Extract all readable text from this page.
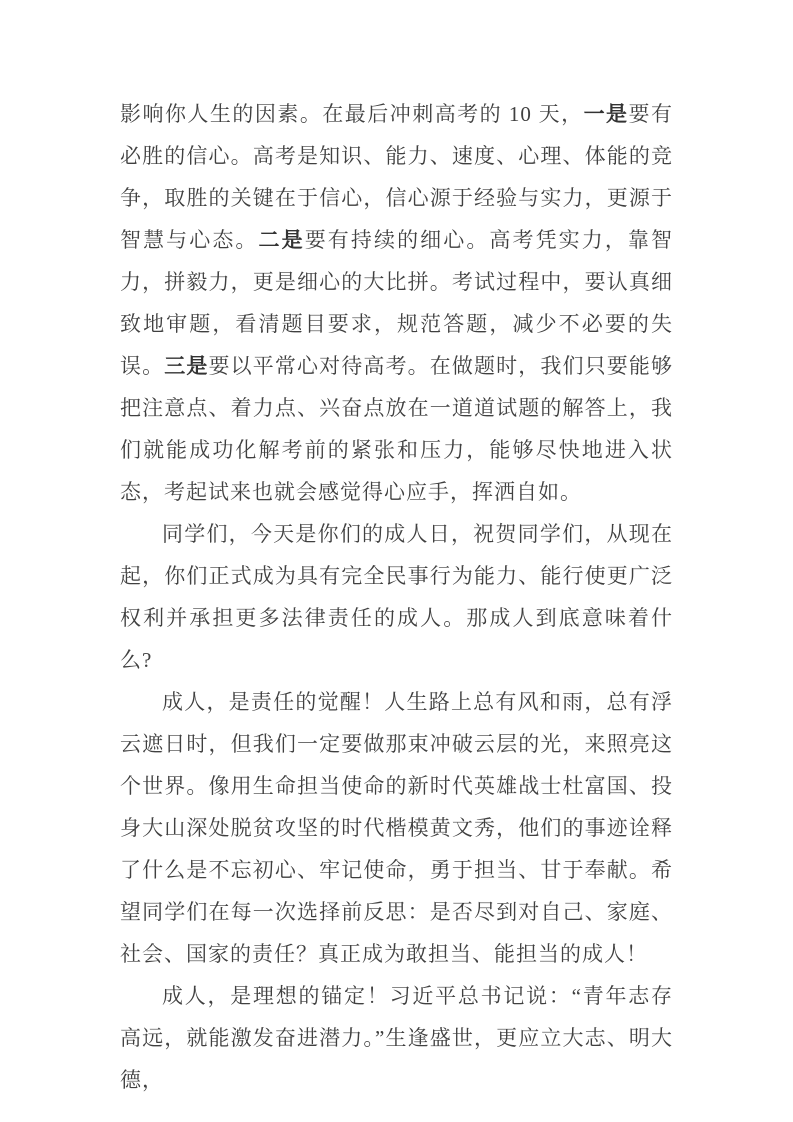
影响你人生的因素。在最后冲刺高考的 10 天，一是要有必胜的信心。高考是知识、能力、速度、心理、体能的竞争，取胜的关键在于信心，信心源于经验与实力，更源于智慧与心态。二是要有持续的细心。高考凭实力，靠智力，拼毅力，更是细心的大比拼。考试过程中，要认真细致地审题，看清题目要求，规范答题，减少不必要的失误。三是要以平常心对待高考。在做题时，我们只要能够把注意点、着力点、兴奋点放在一道道试题的解答上，我们就能成功化解考前的紧张和压力，能够尽快地进入状态，考起试来也就会感觉得心应手，挥洒自如。

同学们，今天是你们的成人日，祝贺同学们，从现在起，你们正式成为具有完全民事行为能力、能行使更广泛权利并承担更多法律责任的成人。那成人到底意味着什么?

成人，是责任的觉醒！人生路上总有风和雨，总有浮云遮日时，但我们一定要做那束冲破云层的光，来照亮这个世界。像用生命担当使命的新时代英雄战士杜富国、投身大山深处脱贫攻坚的时代楷模黄文秀，他们的事迹诠释了什么是不忘初心、牢记使命，勇于担当、甘于奉献。希望同学们在每一次选择前反思：是否尽到对自己、家庭、社会、国家的责任？真正成为敢担当、能担当的成人！

成人，是理想的锚定！习近平总书记说：“青年志存高远，就能激发奋进潜力。”生逢盛世，更应立大志、明大德，
